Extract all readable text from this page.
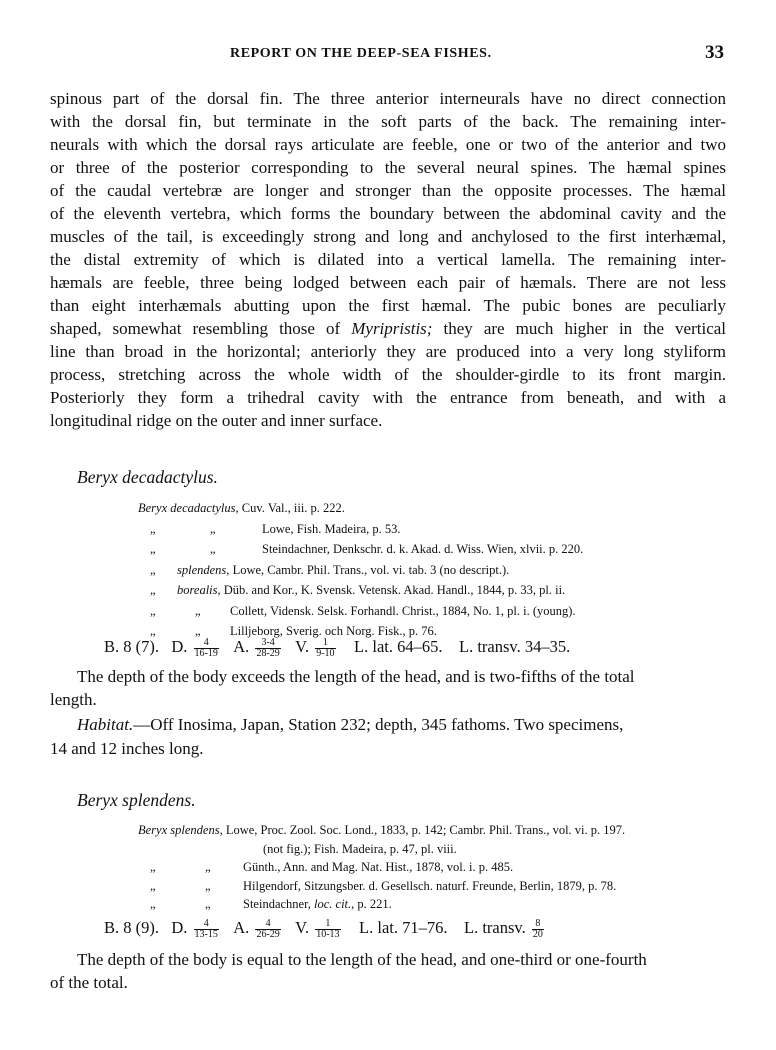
REPORT ON THE DEEP-SEA FISHES.	33
spinous part of the dorsal fin. The three anterior interneurals have no direct connection
with the dorsal fin, but terminate in the soft parts of the back. The remaining inter-
neurals with which the dorsal rays articulate are feeble, one or two of the anterior and two
or three of the posterior corresponding to the several neural spines. The hæmal spines
of the caudal vertebræ are longer and stronger than the opposite processes. The hæmal
of the eleventh vertebra, which forms the boundary between the abdominal cavity and the
muscles of the tail, is exceedingly strong and long and anchylosed to the first interhæmal,
the distal extremity of which is dilated into a vertical lamella. The remaining inter-
hæmals are feeble, three being lodged between each pair of hæmals. There are not less
than eight interhæmals abutting upon the first hæmal. The pubic bones are peculiarly
shaped, somewhat resembling those of Myripristis; they are much higher in the vertical
line than broad in the horizontal; anteriorly they are produced into a very long styliform
process, stretching across the whole width of the shoulder-girdle to its front margin.
Posteriorly they form a trihedral cavity with the entrance from beneath, and with a
longitudinal ridge on the outer and inner surface.
Beryx decadactylus.
Beryx decadactylus, Cuv. Val., iii. p. 222.
„	„	Lowe, Fish. Madeira, p. 53.
„	„	Steindachner, Denkschr. d. k. Akad. d. Wiss. Wien, xlvii. p. 220.
„ splendens, Lowe, Cambr. Phil. Trans., vol. vi. tab. 3 (no descript.).
„ borealis, Düb. and Kor., K. Svensk. Vetensk. Akad. Handl., 1844, p. 33, pl. ii.
„	„ Collett, Vidensk. Selsk. Forhandl. Christ., 1884, No. 1, pl. i. (young).
„	„ Lilljeborg, Sverig. och Norg. Fisk., p. 76.
B. 8 (7). D. $\frac{4}{16-19} A$. $\frac{3-4}{28-29} V$. $\frac{1}{9-10} L$. lat. 64–65. L. transv. 34–35.
The depth of the body exceeds the length of the head, and is two-fifths of the total
length.
Habitat.—Off Inosima, Japan, Station 232; depth, 345 fathoms. Two specimens,
14 and 12 inches long.
Beryx splendens.
Beryx splendens, Lowe, Proc. Zool. Soc. Lond., 1833, p. 142; Cambr. Phil. Trans., vol. vi. p. 197.
(not fig.); Fish. Madeira, p. 47, pl. viii.
„	„	Günth., Ann. and Mag. Nat. Hist., 1878, vol. i. p. 485.
„	„	Hilgendorf, Sitzungsber. d. Gesellsch. naturf. Freunde, Berlin, 1879, p. 78.
„	„	Steindachner, loc. cit., p. 221.
B. 8 (9). D. $\frac{4}{13-15} A$. $\frac{4}{26-29} V$. $\frac{1}{10-13} L$. lat. 71–76. L. transv. $\frac{8}{20}$
The depth of the body is equal to the length of the head, and one-third or one-fourth
of the total.
